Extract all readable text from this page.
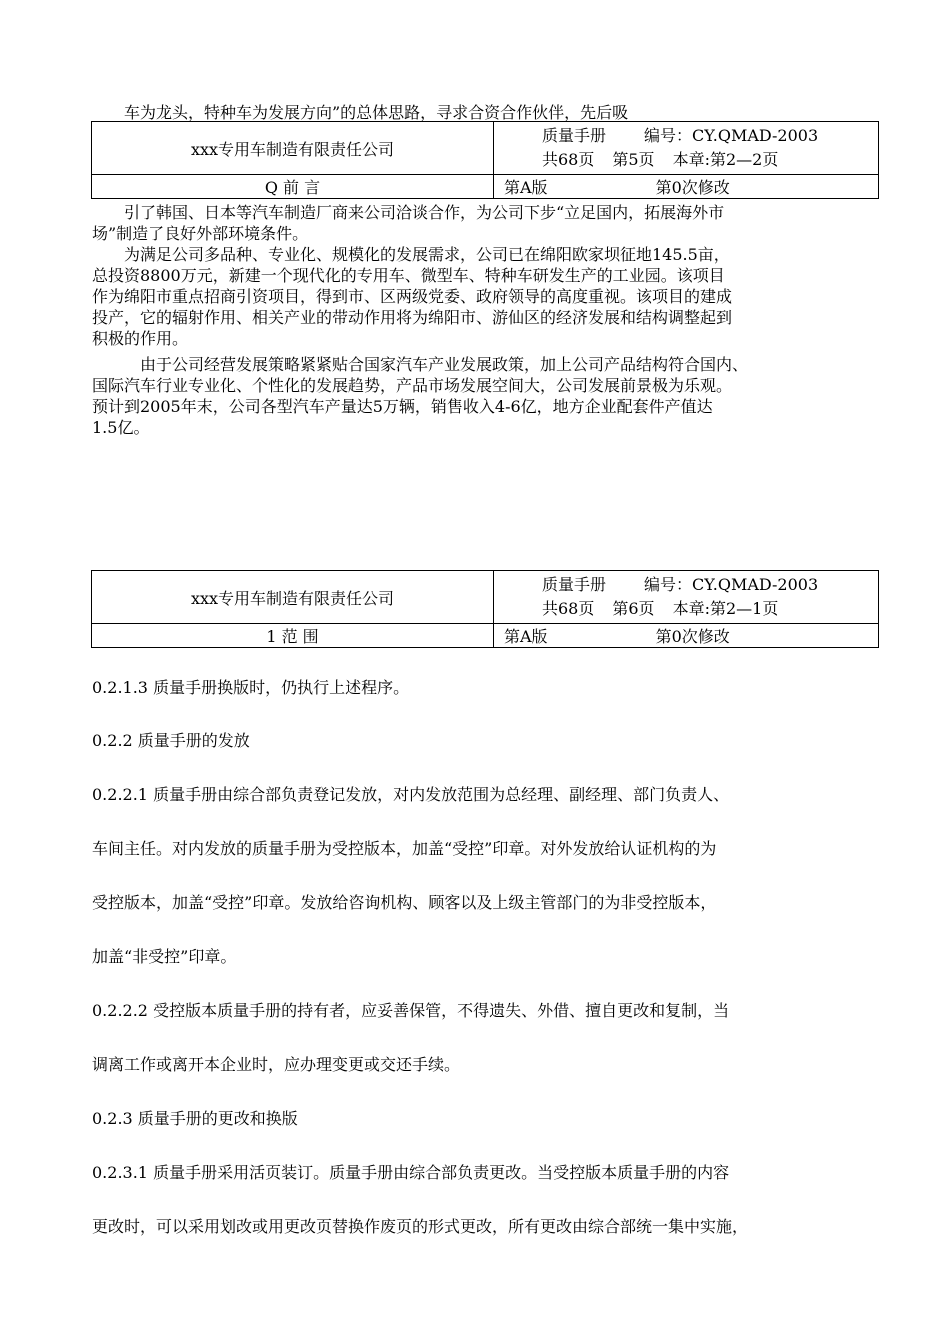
车为龙头，特种车为发展方向”的总体思路，寻求合资合作伙伴，先后吸
xxx专用车制造有限责任公司	质量手册 编号：CY.QMAD-2003
共68页 第5页 本章:第2—2页

Q 前 言	第A版 第0次修改
引了韩国、日本等汽车制造厂商来公司洽谈合作，为公司下步“立足国内，拓展海外市
场”制造了良好外部环境条件。
为满足公司多品种、专业化、规模化的发展需求，公司已在绵阳欧家坝征地145.5亩，
总投资8800万元，新建一个现代化的专用车、微型车、特种车研发生产的工业园。该项目
作为绵阳市重点招商引资项目，得到市、区两级党委、政府领导的高度重视。该项目的建成
投产，它的辐射作用、相关产业的带动作用将为绵阳市、游仙区的经济发展和结构调整起到
积极的作用。
由于公司经营发展策略紧紧贴合国家汽车产业发展政策，加上公司产品结构符合国内、
国际汽车行业专业化、个性化的发展趋势，产品市场发展空间大，公司发展前景极为乐观。
预计到2005年末，公司各型汽车产量达5万辆，销售收入4-6亿，地方企业配套件产值达
1.5亿。
xxx专用车制造有限责任公司	质量手册 编号：CY.QMAD-2003
共68页 第6页 本章:第2—1页

1 范 围	第A版 第0次修改
0.2.1.3 质量手册换版时，仍执行上述程序。
0.2.2 质量手册的发放
0.2.2.1 质量手册由综合部负责登记发放，对内发放范围为总经理、副经理、部门负责人、
车间主任。对内发放的质量手册为受控版本，加盖“受控”印章。对外发放给认证机构的为
受控版本，加盖“受控”印章。发放给咨询机构、顾客以及上级主管部门的为非受控版本，
加盖“非受控”印章。
0.2.2.2 受控版本质量手册的持有者，应妥善保管，不得遗失、外借、擅自更改和复制，当
调离工作或离开本企业时，应办理变更或交还手续。
0.2.3 质量手册的更改和换版
0.2.3.1 质量手册采用活页装订。质量手册由综合部负责更改。当受控版本质量手册的内容
更改时，可以采用划改或用更改页替换作废页的形式更改，所有更改由综合部统一集中实施，
